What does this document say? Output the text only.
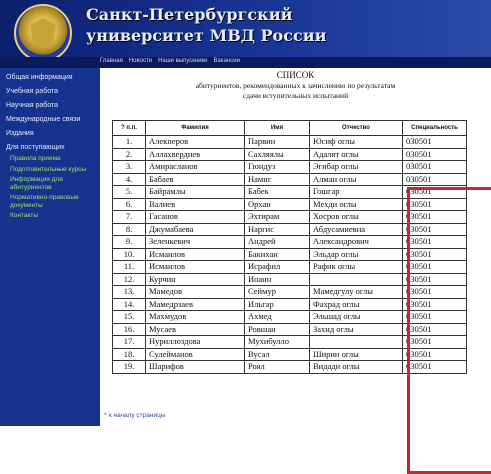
Санкт-Петербургский
университет МВД России
Главная Новости Наши выпускники Вакансии
Общая информация
Учебная работа
Научная работа
Международные связи
Издания
Для поступающих
Правила приема
Подготовительные курсы
Информация для абитуриентов
Нормативно-правовые документы
Контакты
СПИСОК
абитуриентов, рекомендованных к зачислению по результатам
сдачи вступительных испытаний
? п.п.	Фамилия	Имя	Отчество	Специальность
1.	Алекперов	Парвин	Юсиф оглы	030501
2.	Аллахвердиев	Сахляялы	Адалят оглы	030501
3.	Амирасланов	Гюндуз	Эгибар оглы	030501
4.	Бабаев	Намиг	Алман оглы	030501
5.	Байрамлы	Бабек	Гошгар	030501
6.	Валиев	Орхан	Мехди оглы	030501
7.	Гасанов	Эхтирам	Хосров оглы	030501
8.	Джумабаева	Наргис	Абдусамиевна	030501
9.	Зеленкевич	Андрей	Александрович	030501
10.	Исмаилов	Бакихан	Эльдар оглы	030501
11.	Исмаилов	Исрафил	Рафик оглы	030501
12.	Курчин	Иоанн		030501
13.	Мамедов	Сеймур	Мамедгулу оглы	030501
14.	Мамедрзаев	Ильгар	Фахрад оглы	030501
15.	Махмудов	Ахмед	Эльшад оглы	030501
16.	Мусаев	Ровшан	Захид оглы	030501
17.	Нуриллоздова	Мухибулло		030501
18.	Сулейманов	Вусал	Ширин оглы	030501
19.	Шарифов	Роял	Видади оглы	030501
^ к началу страницы
